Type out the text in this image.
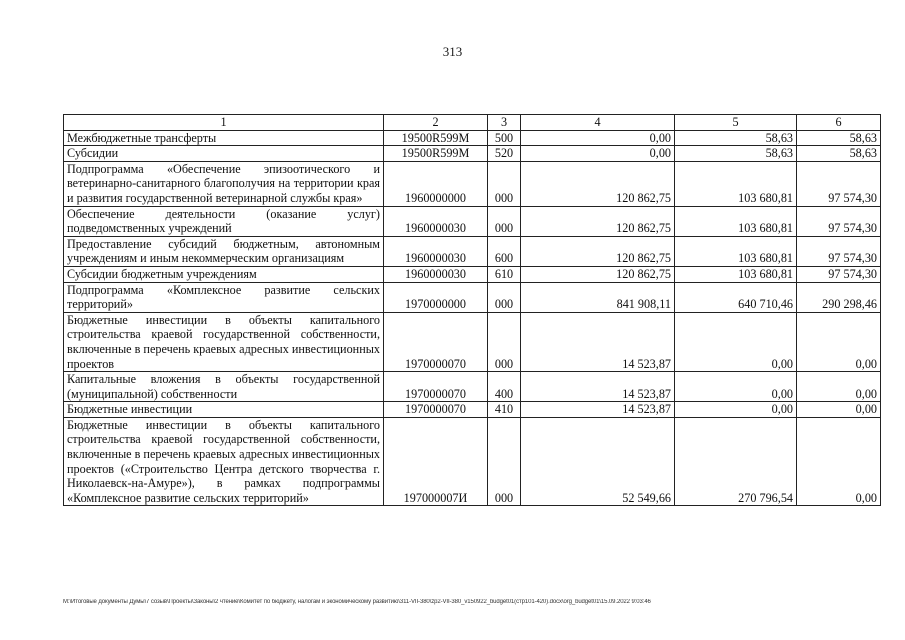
313
1	2	3	4	5	6
Межбюджетные трансферты	19500R599M	500	0,00	58,63	58,63
Субсидии	19500R599M	520	0,00	58,63	58,63
Подпрограмма «Обеспечение эпизоотического и ветеринарно-санитарного благополучия на территории края и развития государственной ветеринарной службы края»	1960000000	000	120 862,75	103 680,81	97 574,30
Обеспечение деятельности (оказание услуг) подведомственных учреждений	1960000030	000	120 862,75	103 680,81	97 574,30
Предоставление субсидий бюджетным, автономным учреждениям и иным некоммерческим организациям	1960000030	600	120 862,75	103 680,81	97 574,30
Субсидии бюджетным учреждениям	1960000030	610	120 862,75	103 680,81	97 574,30
Подпрограмма «Комплексное развитие сельских территорий»	1970000000	000	841 908,11	640 710,46	290 298,46
Бюджетные инвестиции в объекты капитального строительства краевой государственной собственности, включенные в перечень краевых адресных инвестиционных проектов	1970000070	000	14 523,87	0,00	0,00
Капитальные вложения в объекты государственной (муниципальной) собственности	1970000070	400	14 523,87	0,00	0,00
Бюджетные инвестиции	1970000070	410	14 523,87	0,00	0,00
Бюджетные инвестиции в объекты капитального строительства краевой государственной собственности, включенные в перечень краевых адресных инвестиционных проектов («Строительство Центра детского творчества г. Николаевск-на-Амуре»), в рамках подпрограммы «Комплексное развитие сельских территорий»	197000007И	000	52 549,66	270 796,54	0,00
M:\Итоговые документы Думы\7 созыв\Проекты\Законы\2 чтение\Комитет по бюджету, налогам и экономическому развитию\311-VII-380\zp2-VII-380_v150922_budget01(стр101-420).docx\org_budget01\15.09.2022 9:03:46
